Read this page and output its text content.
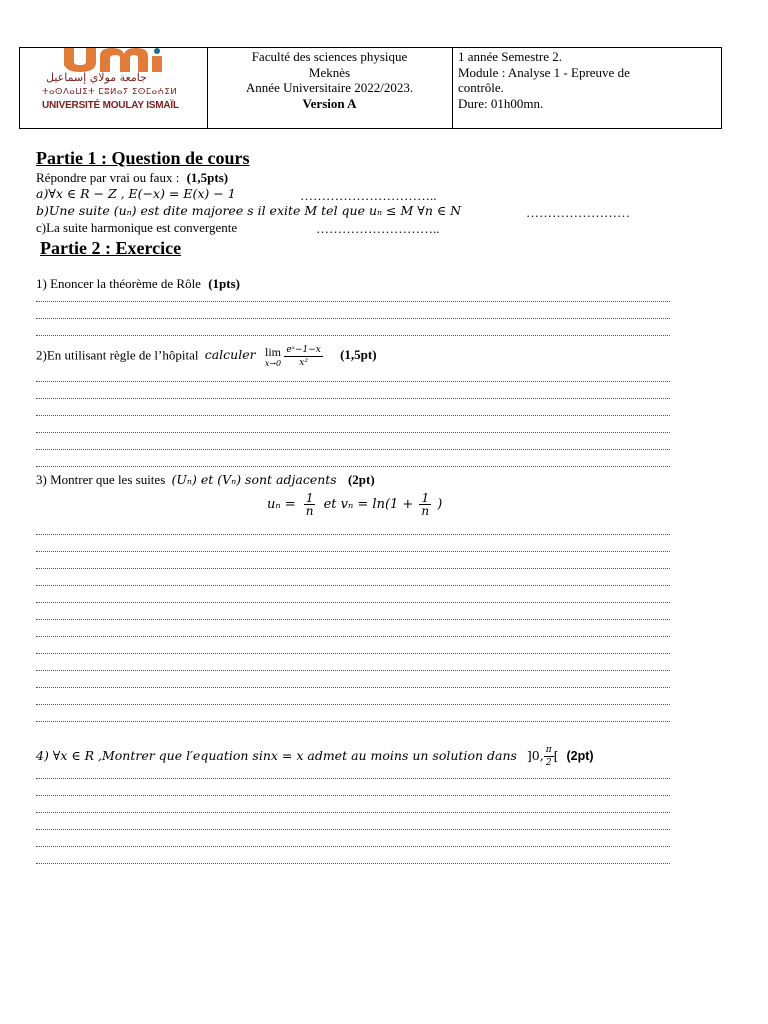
جامعة مولاي إسماعيل
ⵜⴰⵙⴷⴰⵡⵉⵜ ⵎⵓⵍⴰⵢ ⵉⵙⵎⴰⵄⵉⵍ
UNIVERSITÉ MOULAY ISMAÏL
Faculté des sciences physique
Meknès
Année Universitaire 2022/2023.
Version A
1 année Semestre 2.
Module : Analyse 1 - Epreuve de
contrôle.
Dure: 01h00mn.
Partie 1 : Question de cours
Répondre par vrai ou faux : (1,5pts)
a)∀x ∈ R − Z , E(−x) = E(x) − 1	…………………………..
b)Une suite (uₙ) est dite majoree s il exite M tel que uₙ ≤ M ∀n ∈ N	……………………
c)La suite harmonique est convergente	………………………..
Partie 2 : Exercice
1) Enoncer la théorème de Rôle (1pts)
2)En utilisant règle de l’hôpital calculer lim
x→0
$\frac{\text{eˣ−1−x}}{\text{x²}} (1,5pt)$
3) Montrer que les suites (Uₙ) et (Vₙ) sont adjacents (2pt)
$u_n = \frac{1}{n}$ et $v_n = \ln(1 + \frac{1}{n}$ )
4) ∀x ∈ R ,Montrer que l′equation sinx = x admet au moins un solution dans ]0, $\frac{\pi}{2}$ [ (2pt)
